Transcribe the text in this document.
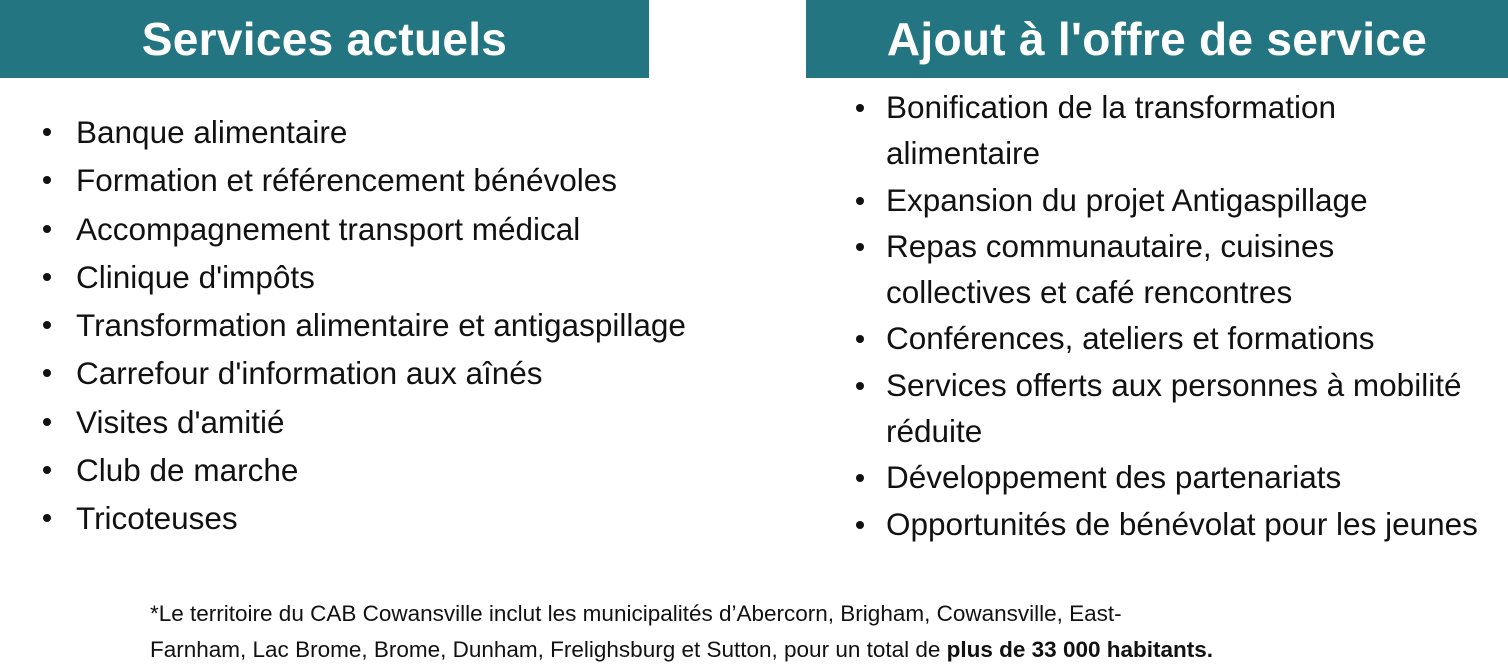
Services actuels	Ajout à l'offre de service
Banque alimentaire
Formation et référencement bénévoles
Accompagnement transport médical
Clinique d'impôts
Transformation alimentaire et antigaspillage
Carrefour d'information aux aînés
Visites d'amitié
Club de marche
Tricoteuses
Bonification de la transformation alimentaire
Expansion du projet Antigaspillage
Repas communautaire, cuisines collectives et café rencontres
Conférences, ateliers et formations
Services offerts aux personnes à mobilité réduite
Développement des partenariats
Opportunités de bénévolat pour les jeunes
*Le territoire du CAB Cowansville inclut les municipalités d’Abercorn, Brigham, Cowansville, East-
Farnham, Lac Brome, Brome, Dunham, Frelighsburg et Sutton, pour un total de plus de 33 000 habitants.
